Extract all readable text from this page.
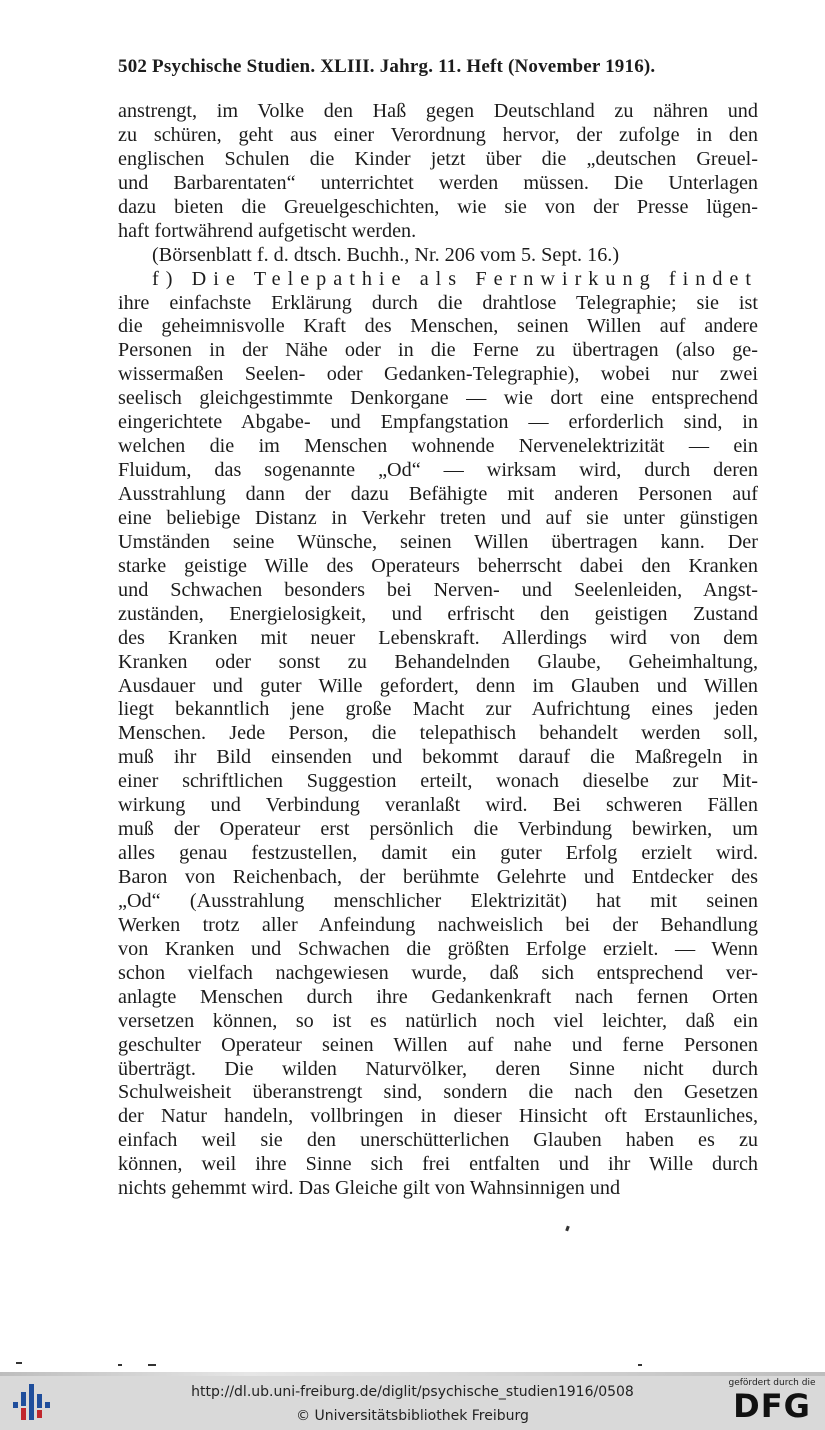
502 Psychische Studien. XLIII. Jahrg. 11. Heft (November 1916).
anstrengt, im Volke den Haß gegen Deutschland zu nähren und
zu schüren, geht aus einer Verordnung hervor, der zufolge in den
englischen Schulen die Kinder jetzt über die „deutschen Greuel-
und Barbarentaten“ unterrichtet werden müssen. Die Unterlagen
dazu bieten die Greuelgeschichten, wie sie von der Presse lügen-
haft fortwährend aufgetischt werden.
(Börsenblatt f. d. dtsch. Buchh., Nr. 206 vom 5. Sept. 16.)
f) Die Telepathie als Fernwirkung findet
ihre einfachste Erklärung durch die drahtlose Telegraphie; sie ist
die geheimnisvolle Kraft des Menschen, seinen Willen auf andere
Personen in der Nähe oder in die Ferne zu übertragen (also ge-
wissermaßen Seelen- oder Gedanken-Telegraphie), wobei nur zwei
seelisch gleichgestimmte Denkorgane — wie dort eine entsprechend
eingerichtete Abgabe- und Empfangstation — erforderlich sind, in
welchen die im Menschen wohnende Nervenelektrizität — ein
Fluidum, das sogenannte „Od“ — wirksam wird, durch deren
Ausstrahlung dann der dazu Befähigte mit anderen Personen auf
eine beliebige Distanz in Verkehr treten und auf sie unter günstigen
Umständen seine Wünsche, seinen Willen übertragen kann. Der
starke geistige Wille des Operateurs beherrscht dabei den Kranken
und Schwachen besonders bei Nerven- und Seelenleiden, Angst-
zuständen, Energielosigkeit, und erfrischt den geistigen Zustand
des Kranken mit neuer Lebenskraft. Allerdings wird von dem
Kranken oder sonst zu Behandelnden Glaube, Geheimhaltung,
Ausdauer und guter Wille gefordert, denn im Glauben und Willen
liegt bekanntlich jene große Macht zur Aufrichtung eines jeden
Menschen. Jede Person, die telepathisch behandelt werden soll,
muß ihr Bild einsenden und bekommt darauf die Maßregeln in
einer schriftlichen Suggestion erteilt, wonach dieselbe zur Mit-
wirkung und Verbindung veranlaßt wird. Bei schweren Fällen
muß der Operateur erst persönlich die Verbindung bewirken, um
alles genau festzustellen, damit ein guter Erfolg erzielt wird.
Baron von Reichenbach, der berühmte Gelehrte und Entdecker des
„Od“ (Ausstrahlung menschlicher Elektrizität) hat mit seinen
Werken trotz aller Anfeindung nachweislich bei der Behandlung
von Kranken und Schwachen die größten Erfolge erzielt. — Wenn
schon vielfach nachgewiesen wurde, daß sich entsprechend ver-
anlagte Menschen durch ihre Gedankenkraft nach fernen Orten
versetzen können, so ist es natürlich noch viel leichter, daß ein
geschulter Operateur seinen Willen auf nahe und ferne Personen
überträgt. Die wilden Naturvölker, deren Sinne nicht durch
Schulweisheit überanstrengt sind, sondern die nach den Gesetzen
der Natur handeln, vollbringen in dieser Hinsicht oft Erstaunliches,
einfach weil sie den unerschütterlichen Glauben haben es zu
können, weil ihre Sinne sich frei entfalten und ihr Wille durch
nichts gehemmt wird. Das Gleiche gilt von Wahnsinnigen und
http://dl.ub.uni-freiburg.de/diglit/psychische_studien1916/0508
© Universitätsbibliothek Freiburg
gefördert durch die
DFG
